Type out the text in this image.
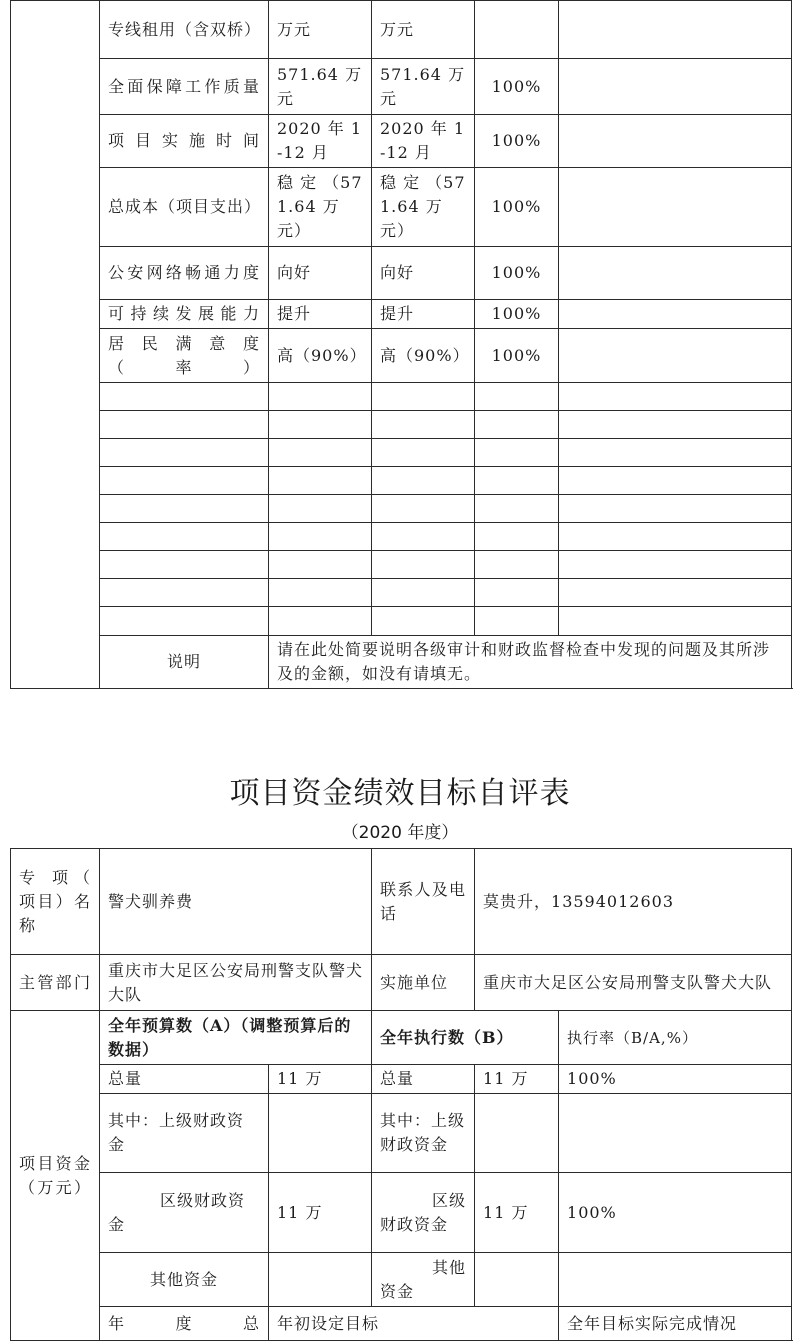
	专线租用（含双桥）	万元	万元		
	全面保障工作质量	571.64 万元	571.64 万元	100%	
	项目实施时间	2020 年 1-12 月	2020 年 1-12 月	100%	
	总成本（项目支出）	稳 定 （571.64 万元）	稳 定 （571.64 万元）	100%	
	公安网络畅通力度	向好	向好	100%	
	可持续发展能力	提升	提升	100%	
	居 民 满 意 度（率）	高（90%）	高（90%）	100%	

	说明	请在此处简要说明各级审计和财政监督检查中发现的问题及其所涉及的金额，如没有请填无。			
项目资金绩效目标自评表
（2020 年度）
专 项（ 项目）名称	警犬驯养费		联系人及电话	莫贵升，13594012603	
主管部门	重庆市大足区公安局刑警支队警犬大队		实施单位	重庆市大足区公安局刑警支队警犬大队	
项目资金（万元）	全年预算数（A）（调整预算后的数据）		全年执行数（B）		执行率（B/A,%）
	总量	11 万	总量	11 万	100%
	其中：上级财政资金		其中：上级财政资金		
	区级财政资金	11 万	区级财政资金	11 万	100%
	其他资金		其他资金		
	年度总	年初设定目标			全年目标实际完成情况
